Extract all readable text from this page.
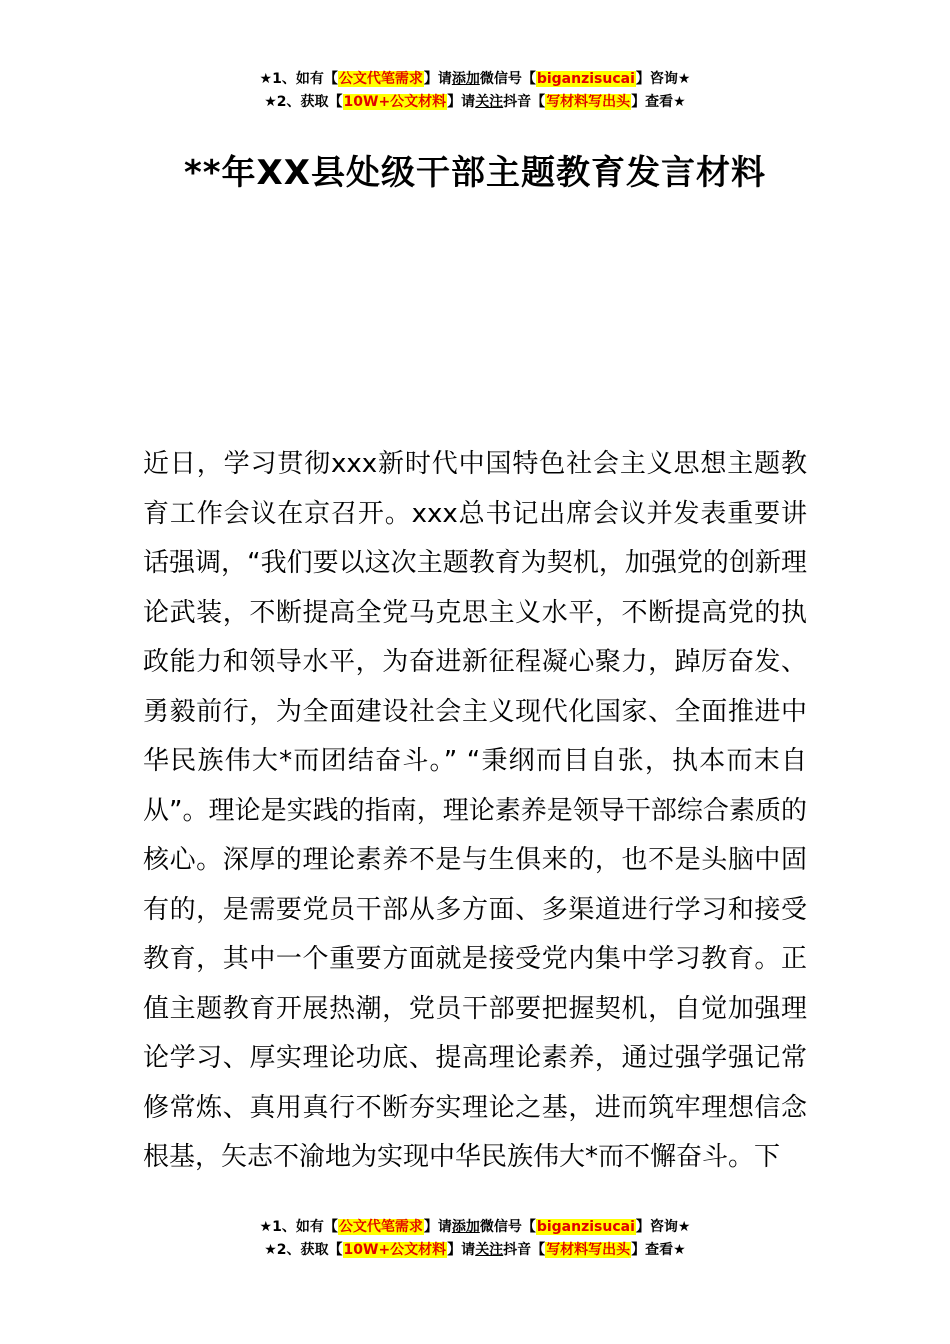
★1、如有【公文代笔需求】请添加微信号【biganzisucai】咨询★
★2、获取【10W+公文材料】请关注抖音【写材料写出头】查看★
**年XX县处级干部主题教育发言材料

近日，学习贯彻xxx新时代中国特色社会主义思想主题教育工作会议在京召开。xxx总书记出席会议并发表重要讲话强调，“我们要以这次主题教育为契机，加强党的创新理论武装，不断提高全党马克思主义水平，不断提高党的执政能力和领导水平，为奋进新征程凝心聚力，踔厉奋发、勇毅前行，为全面建设社会主义现代化国家、全面推进中华民族伟大*而团结奋斗。” “秉纲而目自张，执本而末自从”。理论是实践的指南，理论素养是领导干部综合素质的核心。深厚的理论素养不是与生俱来的，也不是头脑中固有的，是需要党员干部从多方面、多渠道进行学习和接受教育，其中一个重要方面就是接受党内集中学习教育。正值主题教育开展热潮，党员干部要把握契机，自觉加强理论学习、厚实理论功底、提高理论素养，通过强学强记常修常炼、真用真行不断夯实理论之基，进而筑牢理想信念根基，矢志不渝地为实现中华民族伟大*而不懈奋斗。下

★1、如有【公文代笔需求】请添加微信号【biganzisucai】咨询★
★2、获取【10W+公文材料】请关注抖音【写材料写出头】查看★
